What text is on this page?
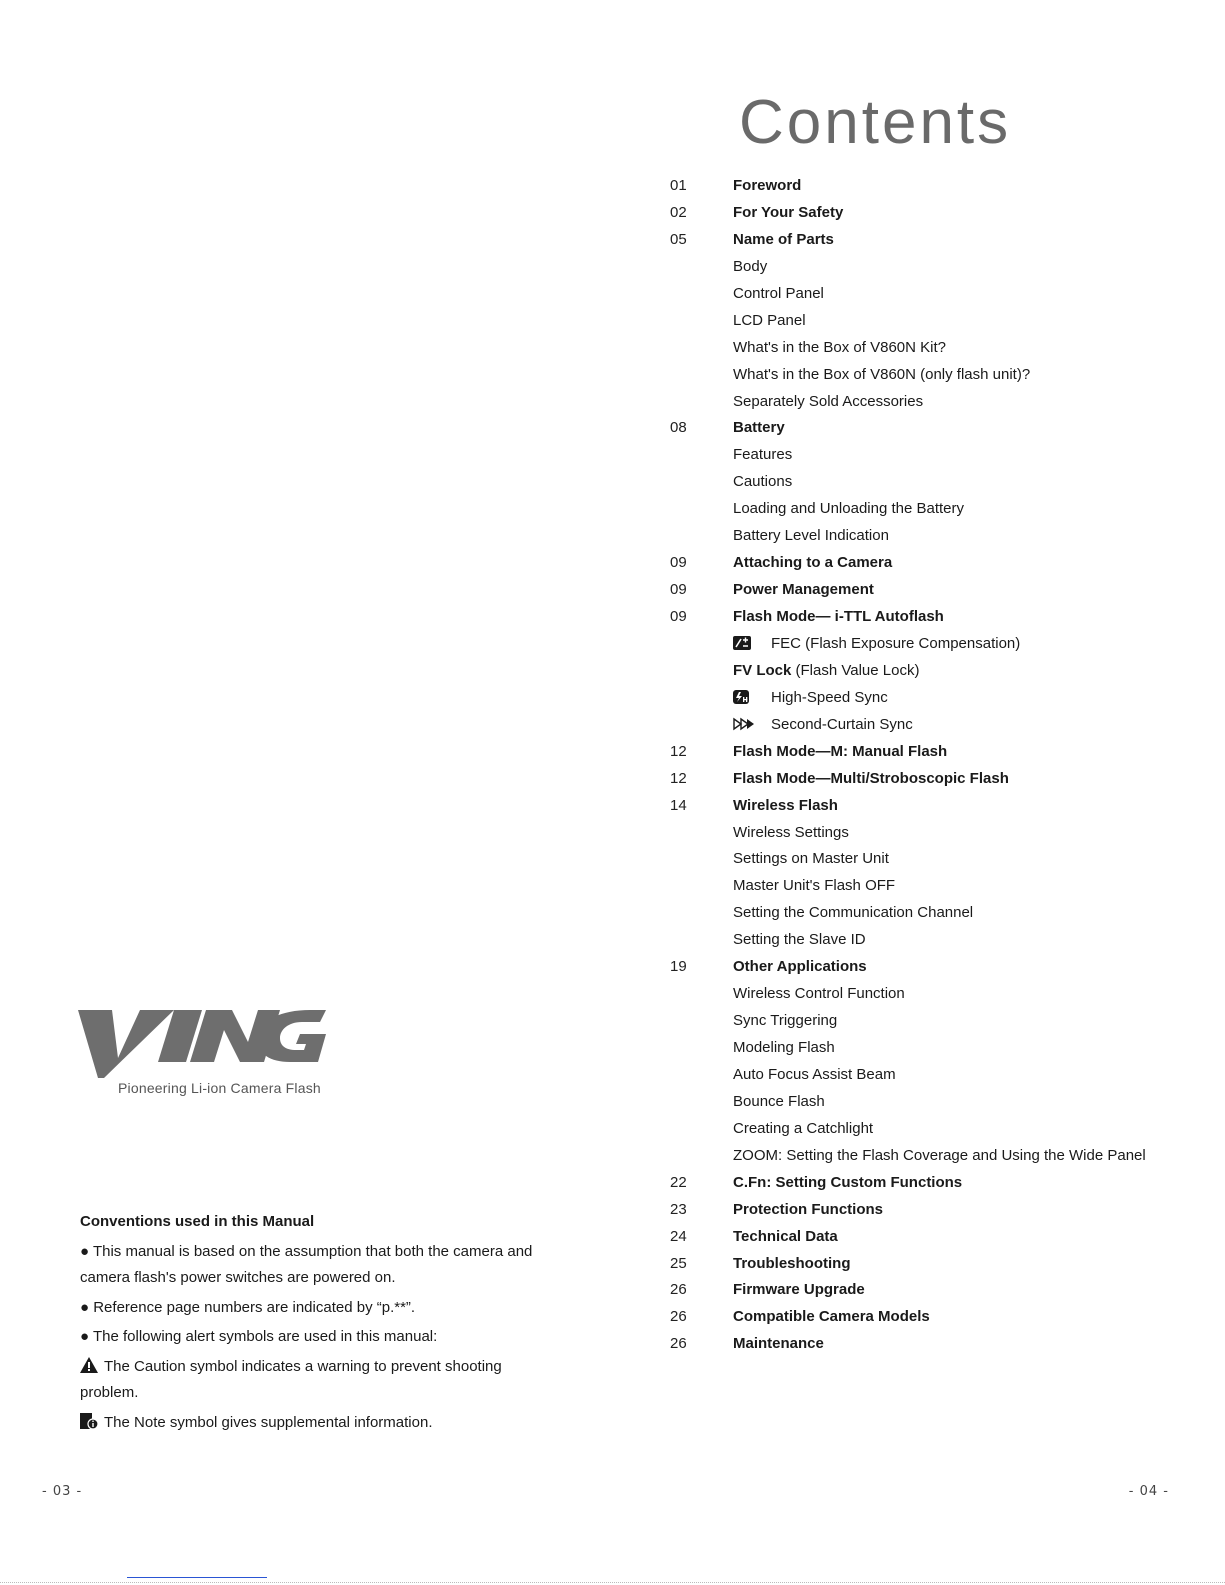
Pioneering Li-ion Camera Flash
Conventions used in this Manual

● This manual is based on the assumption that both the camera and camera flash's power switches are powered on.

● Reference page numbers are indicated by “p.**”.

● The following alert symbols are used in this manual:

The Caution symbol indicates a warning to prevent shooting problem.

The Note symbol gives supplemental information.

- 03 -
Contents
01	Foreword
02	For Your Safety
05	Name of Parts
Body
Control Panel
LCD Panel
What's in the Box of V860N Kit?
What's in the Box of V860N (only flash unit)?
Separately Sold Accessories
08	Battery
Features
Cautions
Loading and Unloading the Battery
Battery Level Indication
09	Attaching to a Camera
09	Power Management
09	Flash Mode— i-TTL Autoflash
FEC (Flash Exposure Compensation)
FV Lock (Flash Value Lock)
High-Speed Sync
Second-Curtain Sync
12	Flash Mode—M: Manual Flash
12	Flash Mode—Multi/Stroboscopic Flash
14	Wireless Flash
Wireless Settings
Settings on Master Unit
Master Unit's Flash OFF
Setting the Communication Channel
Setting the Slave ID
19	Other Applications
Wireless Control Function
Sync Triggering
Modeling Flash
Auto Focus Assist Beam
Bounce Flash
Creating a Catchlight
ZOOM: Setting the Flash Coverage and Using the Wide Panel
22	C.Fn: Setting Custom Functions
23	Protection Functions
24	Technical Data
25	Troubleshooting
26	Firmware Upgrade
26	Compatible Camera Models
26	Maintenance
- 04 -
